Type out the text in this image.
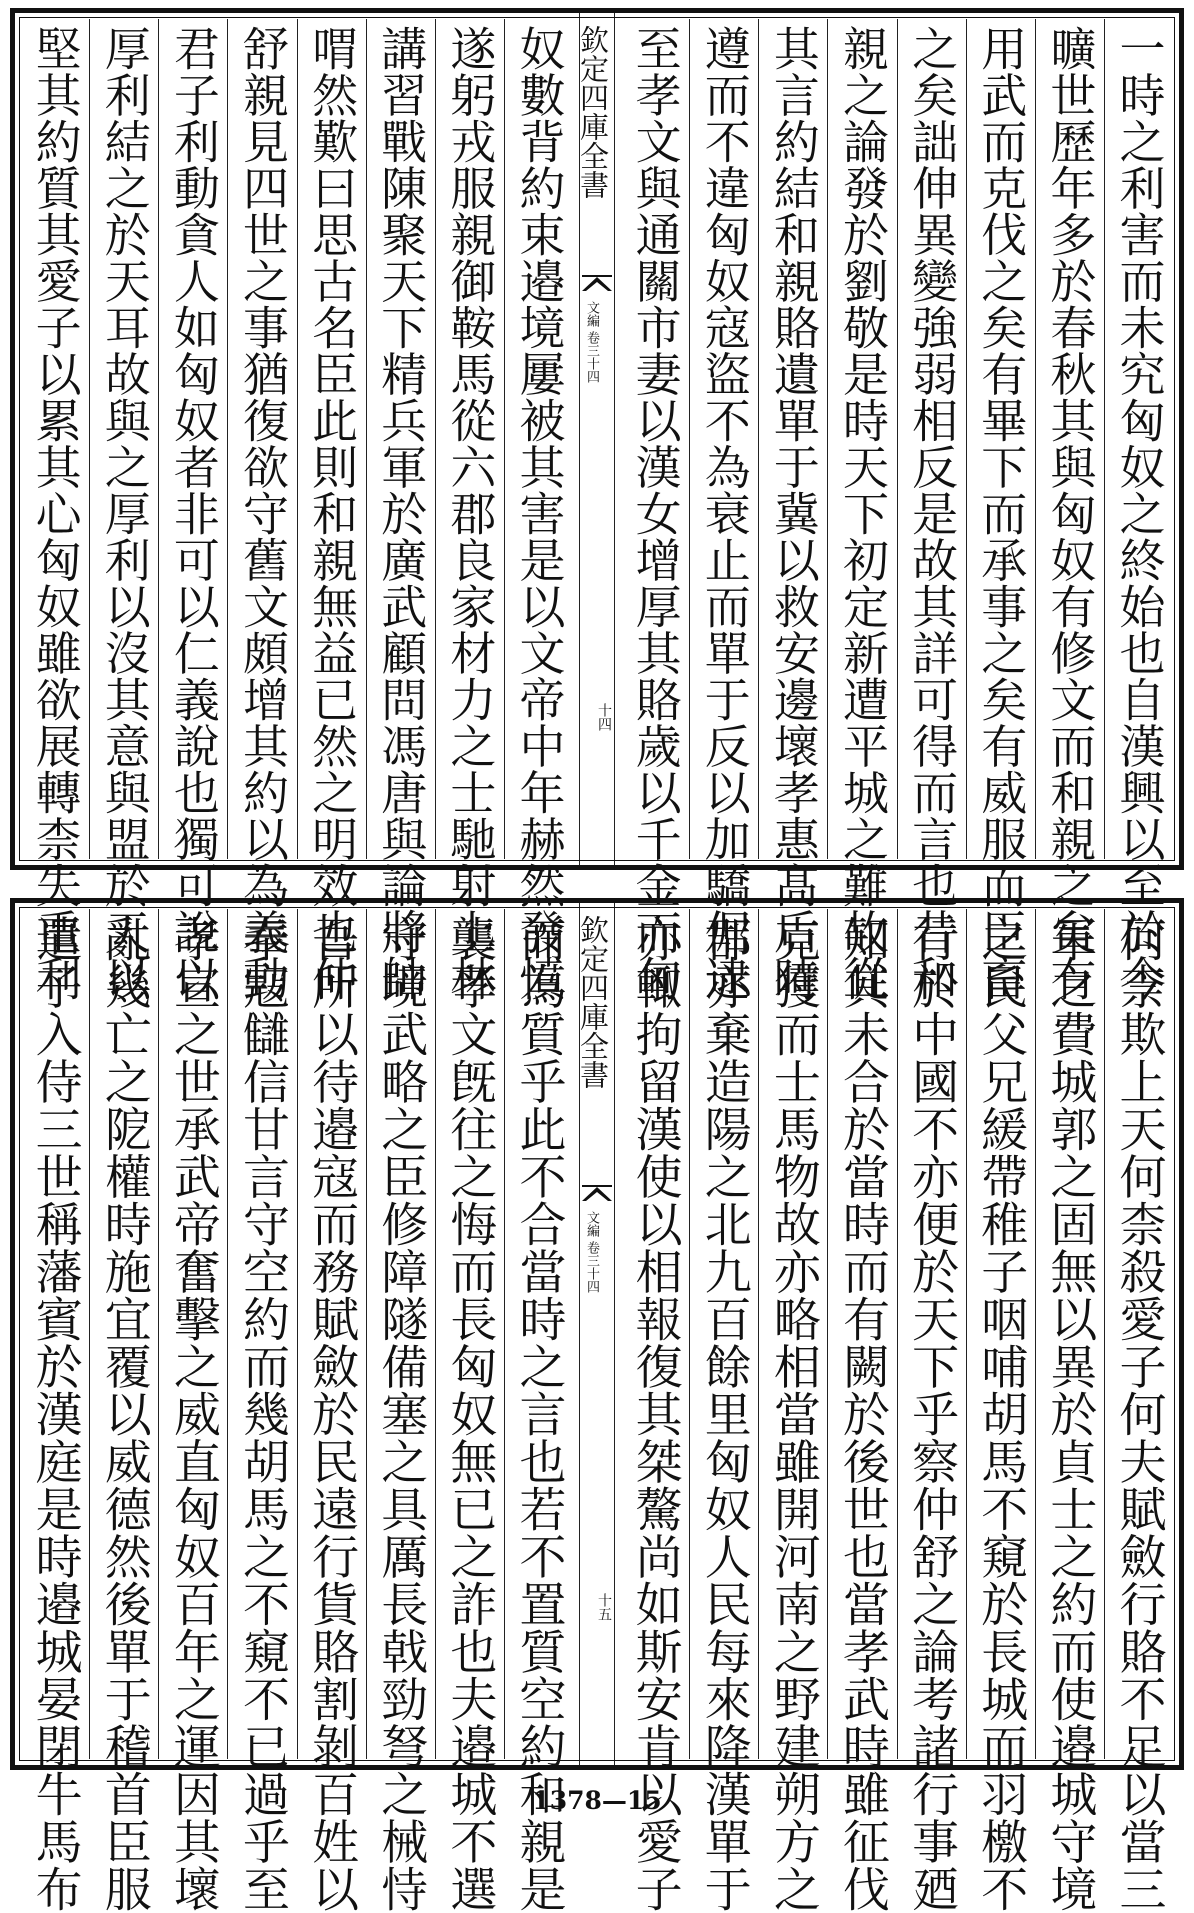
一時之利害而未究匈奴之終始也自漢興以至於今
曠世歷年多於春秋其與匈奴有修文而和親之矣有
用武而克伐之矣有畢下而承事之矣有威服而臣畜
之矣詘伸異變強弱相反是故其詳可得而言也昔和
親之論發於劉敬是時天下初定新遭平城之難故從
其言約結和親賂遺單于冀以救安邊壞孝惠髙后時
遵而不違匈奴寇盜不為衰止而單于反以加驕倨逮
至孝文與通關市妻以漢女增厚其賂歲以千金而匈
欽定四庫全書
文編 卷三十四
十四
奴數背約束邉境屢被其害是以文帝中年赫然發憤
遂躬戎服親御鞍馬從六郡良家材力之士馳射上林
講習戰陳聚天下精兵軍於廣武顧問馮唐與論將帥
喟然歎曰思古名臣此則和親無益已然之明效也仲
舒親見四世之事猶復欲守舊文頗增其約以為義動
君子利動貪人如匈奴者非可以仁義說也獨可說以
厚利結之於天耳故與之厚利以沒其意與盟於天以
堅其約質其愛子以累其心匈奴雖欲展轉柰失重利
何柰欺上天何柰殺愛子何夫賦斂行賂不足以當三
軍之費城郭之固無以異於貞士之約而使邉城守境
之民父兄緩帶稚子咽哺胡馬不窺於長城而羽檄不
行於中國不亦便於天下乎察仲舒之論考諸行事廼
知其未合於當時而有闕於後世也當孝武時雖征伐
克獲而士馬物故亦略相當雖開河南之野建朔方之
郡亦棄造陽之北九百餘里匈奴人民每來降漢單于
亦輙拘留漢使以相報復其桀驁尚如斯安肯以愛子
欽定四庫全書
文編 卷三十四
十五
而為質乎此不合當時之言也若不置質空約和親是
襲孝文旣往之悔而長匈奴無已之詐也夫邉城不選
守境武略之臣修障隧備塞之具厲長戟勁弩之械恃
吾所以待邉寇而務賦斂於民遠行貨賂割剝百姓以
奉寇讎信甘言守空約而幾胡馬之不窺不已過乎至
孝宣之世承武帝奮擊之威直匈奴百年之運因其壞
亂幾亡之阸權時施宜覆以威德然後單于稽首臣服
遣子入侍三世稱藩賓於漢庭是時邉城晏閉牛馬布	1378—15
